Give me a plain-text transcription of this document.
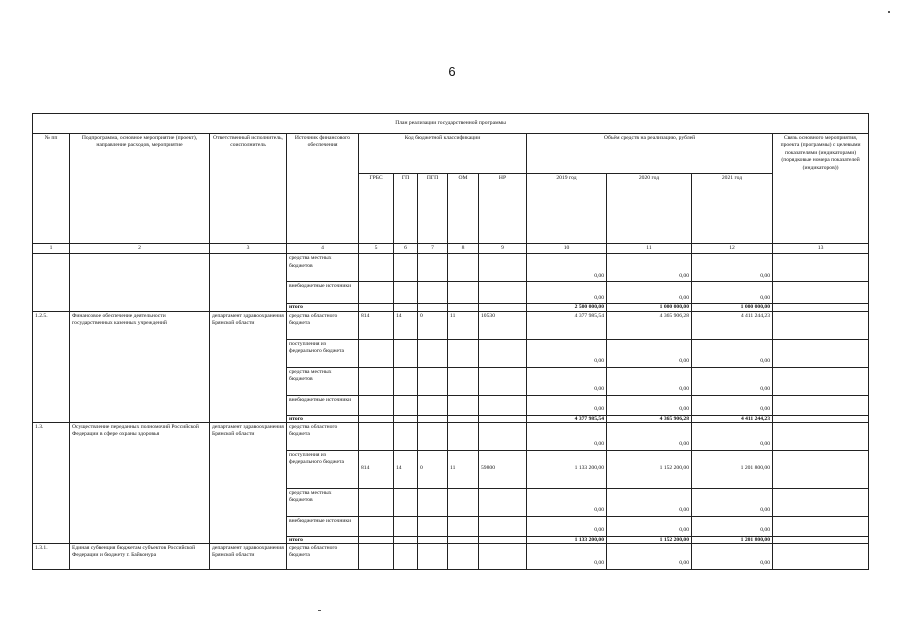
6
План реализации государственной программы												
№ пп	Подпрограмма, основное мероприятие (проект), направление расходов, мероприятие	Ответственный исполнитель, соисполнитель	Источник финансового обеспечения	Код бюджетной классификации					Объём средств на реализацию, рублей			Связь основного мероприятия, проекта (программы) с целевыми показателями (индикаторами) (порядковые номера показателей (индикаторов))
				ГРБС	ГП	ПГП	ОМ	НР	2019 год	2020 год	2021 год	
1	2	3	4	5	6	7	8	9	10	11	12	13
			средства местных бюджетов						0,00	0,00	0,00	
			внебюджетные источники						0,00	0,00	0,00	
			итого						2 500 000,00	1 000 000,00	1 000 000,00	
1.2.5.	Финансовое обеспечение деятельности государственных казенных учреждений	департамент здравоохранения Брянской области	средства областного бюджета	814	14	0	11	10530	4 377 985,54	4 365 906,28	4 411 244,23	
			поступления из федерального бюджета						0,00	0,00	0,00	
			средства местных бюджетов						0,00	0,00	0,00	
			внебюджетные источники						0,00	0,00	0,00	
			итого						4 377 985,54	4 365 906,28	4 411 244,23	
1.3.	Осуществление переданных полномочий Российской Федерации в сфере охраны здоровья	департамент здравоохранения Брянской области	средства областного бюджета						0,00	0,00	0,00	
			поступления из федерального бюджета	814	14	0	11	59800	1 133 200,00	1 152 200,00	1 201 800,00	
			средства местных бюджетов						0,00	0,00	0,00	
			внебюджетные источники						0,00	0,00	0,00	
			итого						1 133 200,00	1 152 200,00	1 201 800,00	
1.3.1.	Единая субвенция бюджетам субъектов Российской Федерации и бюджету г. Байконура	департамент здравоохранения Брянской области	средства областного бюджета						0,00	0,00	0,00	
